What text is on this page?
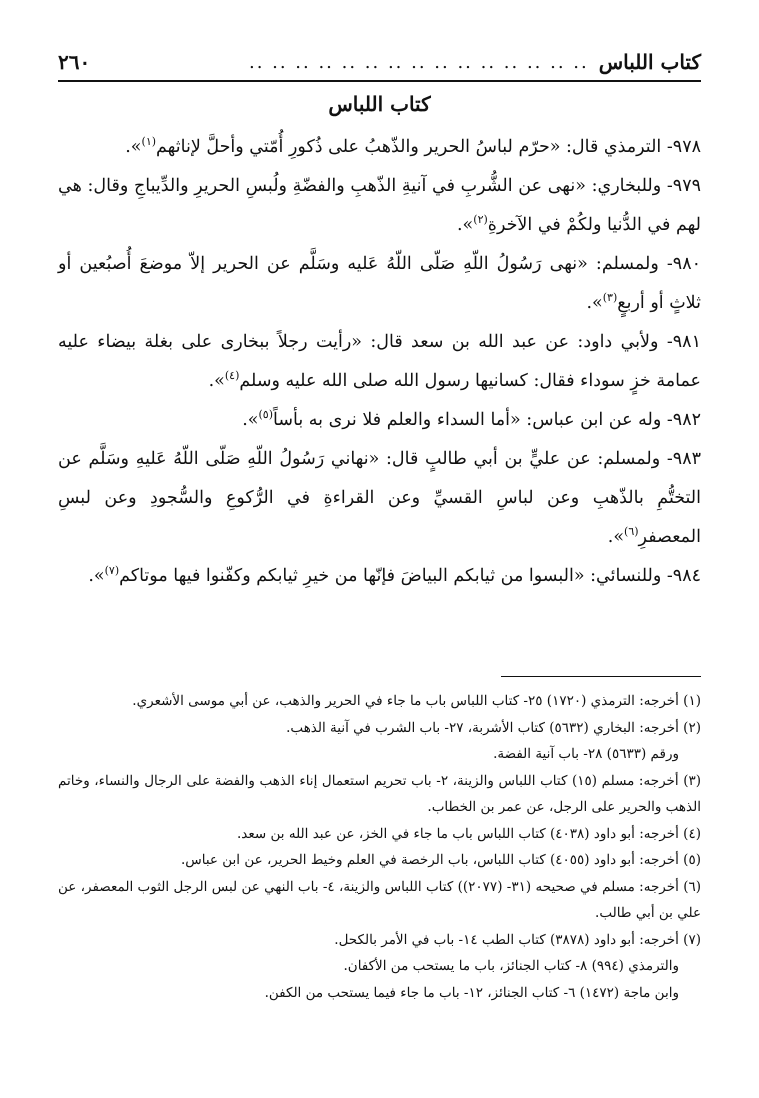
كتاب اللباس
.. .. .. .. .. .. .. .. .. .. .. .. .. .. ..
٢٦٠
كتاب اللباس

٩٧٨- الترمذي قال: «حرّم لباسُ الحرير والذّهبُ على ذُكورِ أُمّتي وأحلَّ لإناثهم$^{(١)}$».

٩٧٩- وللبخاري: «نهى عن الشُّربِ في آنيةِ الذّهبِ والفضّةِ ولُبسِ الحريرِ والدِّيباجِ وقال: هي لهم في الدُّنيا ولكُمْ في الآخرةِ$^{(٢)}$».

٩٨٠- ولمسلم: «نهى رَسُولُ اللّهِ صَلّى اللّهُ عَليه وسَلَّم عن الحرير إلاّ موضعَ أُصبُعين أو ثلاثٍ أو أربعٍ$^{(٣)}$».

٩٨١- ولأبي داود: عن عبد الله بن سعد قال: «رأيت رجلاً ببخارى على بغلة بيضاء عليه عمامة خزٍ سوداء فقال: كسانيها رسول الله صلى الله عليه وسلم$^{(٤)}$».

٩٨٢- وله عن ابن عباس: «أما السداء والعلم فلا نرى به بأساً$^{(٥)}$».

٩٨٣- ولمسلم: عن عليٍّ بن أبي طالبٍ قال: «نهاني رَسُولُ اللّهِ صَلّى اللّهُ عَليهِ وسَلَّم عن التختُّمِ بالذّهبِ وعن لباسِ القسيِّ وعن القراءةِ في الرُّكوعِ والسُّجودِ وعن لبسِ المعصفرِ$^{(٦)}$».

٩٨٤- وللنسائي: «البسوا من ثيابكم البياضَ فإنّها من خيرِ ثيابكم وكفّنوا فيها موتاكم$^{(٧)}$».

(١) أخرجه: الترمذي (١٧٢٠) ٢٥- كتاب اللباس باب ما جاء في الحرير والذهب، عن أبي موسى الأشعري.

(٢) أخرجه: البخاري (٥٦٣٢) كتاب الأشربة، ٢٧- باب الشرب في آنية الذهب.

ورقم (٥٦٣٣) ٢٨- باب آنية الفضة.

(٣) أخرجه: مسلم (١٥) كتاب اللباس والزينة، ٢- باب تحريم استعمال إناء الذهب والفضة على الرجال والنساء، وخاتم الذهب والحرير على الرجل، عن عمر بن الخطاب.

(٤) أخرجه: أبو داود (٤٠٣٨) كتاب اللباس باب ما جاء في الخز، عن عبد الله بن سعد.

(٥) أخرجه: أبو داود (٤٠٥٥) كتاب اللباس، باب الرخصة في العلم وخيط الحرير، عن ابن عباس.

(٦) أخرجه: مسلم في صحيحه (٣١- (٢٠٧٧)) كتاب اللباس والزينة، ٤- باب النهي عن لبس الرجل الثوب المعصفر، عن علي بن أبي طالب.

(٧) أخرجه: أبو داود (٣٨٧٨) كتاب الطب ١٤- باب في الأمر بالكحل.

والترمذي (٩٩٤) ٨- كتاب الجنائز، باب ما يستحب من الأكفان.

وابن ماجة (١٤٧٢) ٦- كتاب الجنائز، ١٢- باب ما جاء فيما يستحب من الكفن.
